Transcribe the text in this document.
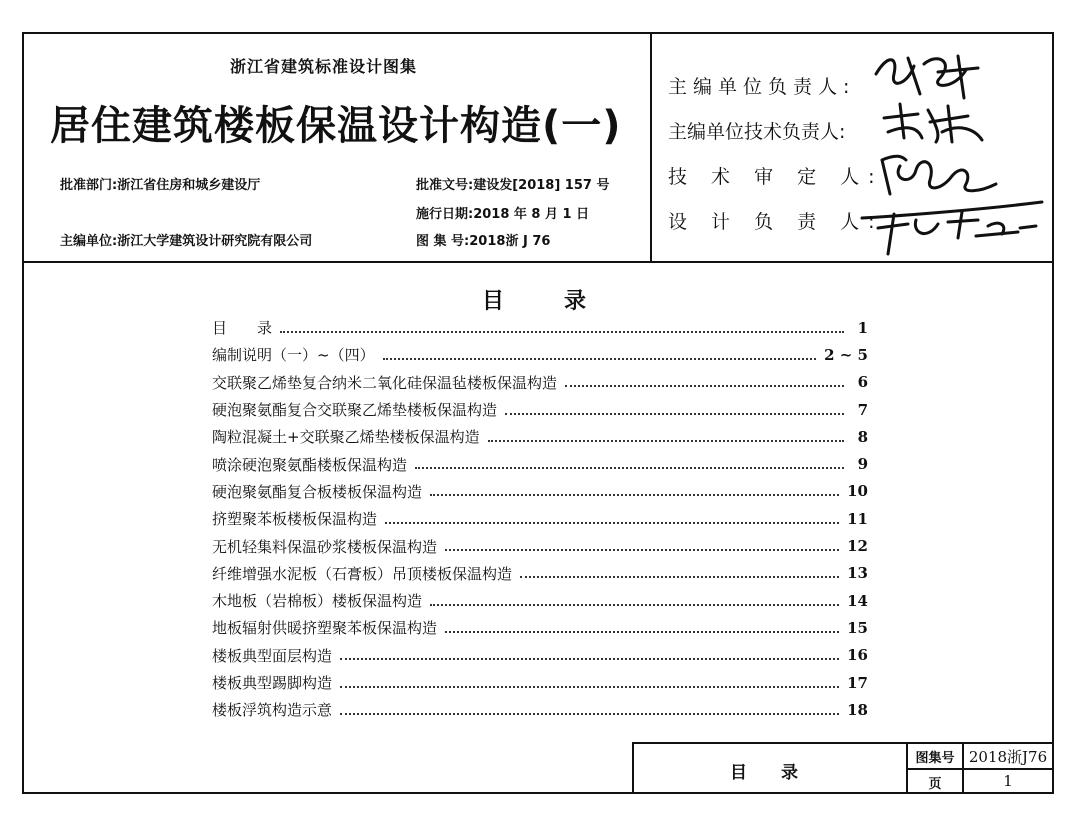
浙江省建筑标准设计图集
居住建筑楼板保温设计构造(一)
批准部门:浙江省住房和城乡建设厅
主编单位:浙江大学建筑设计研究院有限公司
批准文号:建设发[2018] 157 号
施行日期:2018 年 8 月 1 日
图 集 号:2018浙 J 76
主编单位负责人:
主编单位技术负责人:
技 术 审 定 人:
设 计 负 责 人:
目	录
目　　录	1
编制说明（一）~（四）	2 ~ 5
交联聚乙烯垫复合纳米二氧化硅保温毡楼板保温构造	6
硬泡聚氨酯复合交联聚乙烯垫楼板保温构造	7
陶粒混凝土+交联聚乙烯垫楼板保温构造	8
喷涂硬泡聚氨酯楼板保温构造	9
硬泡聚氨酯复合板楼板保温构造	10
挤塑聚苯板楼板保温构造	11
无机轻集料保温砂浆楼板保温构造	12
纤维增强水泥板（石膏板）吊顶楼板保温构造	13
木地板（岩棉板）楼板保温构造	14
地板辐射供暖挤塑聚苯板保温构造	15
楼板典型面层构造	16
楼板典型踢脚构造	17
楼板浮筑构造示意	18
目　　录
图集号 2018浙J76
页	1
